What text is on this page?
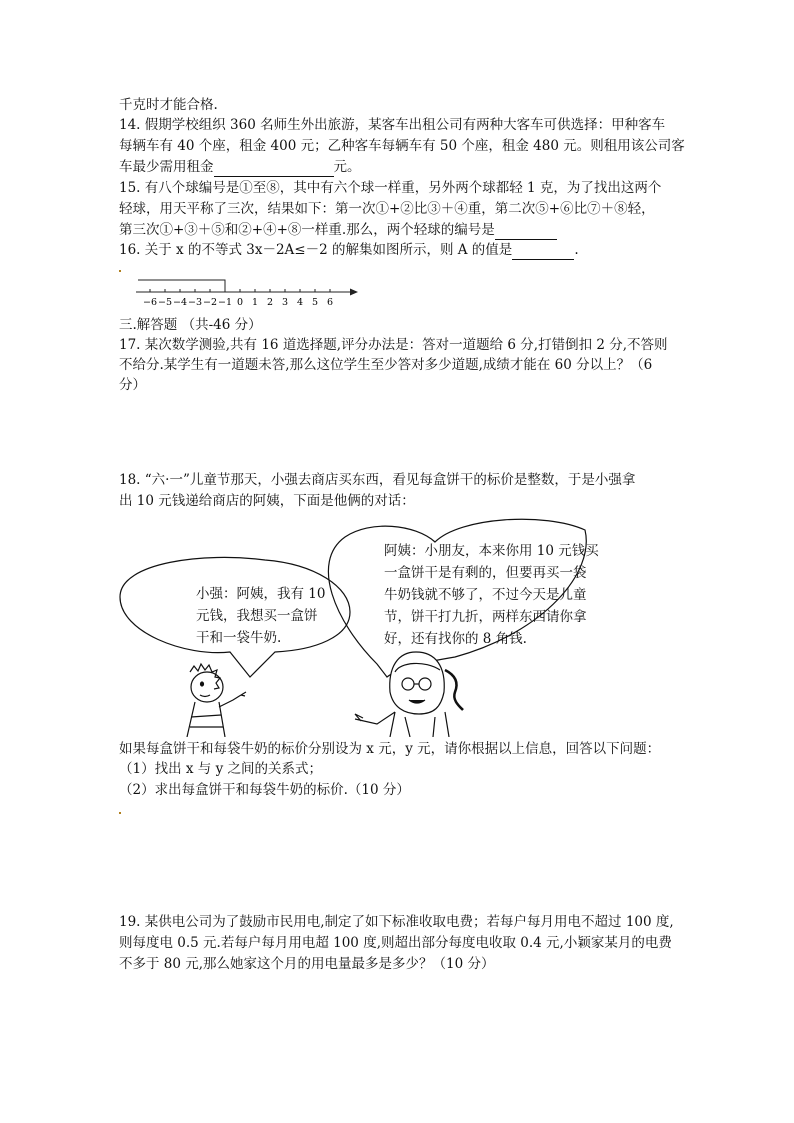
千克时才能合格.
14. 假期学校组织 360 名师生外出旅游，某客车出租公司有两种大客车可供选择：甲种客车
每辆车有 40 个座，租金 400 元；乙种客车每辆车有 50 个座，租金 480 元。则租用该公司客
车最少需用租金	元。
15. 有八个球编号是①至⑧，其中有六个球一样重，另外两个球都轻 1 克，为了找出这两个
轻球，用天平称了三次，结果如下：第一次①+②比③＋④重，第二次⑤+⑥比⑦＋⑧轻，
第三次①+③＋⑤和②+④+⑧一样重.那么，两个轻球的编号是
16. 关于 x 的不等式 3x－2A≤－2 的解集如图所示，则 A 的值是	.
−6 −5 −4 −3 −2 −1 0 1 2 3 4 5 6
三.解答题 （共-46 分）
17. 某次数学测验,共有 16 道选择题,评分办法是：答对一道题给 6 分,打错倒扣 2 分,不答则
不给分.某学生有一道题未答,那么这位学生至少答对多少道题,成绩才能在 60 分以上？（6
分）
18. “六·一”儿童节那天，小强去商店买东西，看见每盒饼干的标价是整数，于是小强拿
出 10 元钱递给商店的阿姨，下面是他俩的对话：
小强：阿姨，我有 10
元钱，我想买一盒饼
干和一袋牛奶.
阿姨：小朋友，本来你用 10 元钱买
一盒饼干是有剩的，但要再买一袋
牛奶钱就不够了，不过今天是儿童
节，饼干打九折，两样东西请你拿
好，还有找你的 8 角钱.
如果每盒饼干和每袋牛奶的标价分别设为 x 元，y 元，请你根据以上信息，回答以下问题：
（1）找出 x 与 y 之间的关系式；
（2）求出每盒饼干和每袋牛奶的标价.（10 分）
19. 某供电公司为了鼓励市民用电,制定了如下标准收取电费；若每户每月用电不超过 100 度,
则每度电 0.5 元.若每户每月用电超 100 度,则超出部分每度电收取 0.4 元,小颖家某月的电费
不多于 80 元,那么她家这个月的用电量最多是多少？（10 分）
